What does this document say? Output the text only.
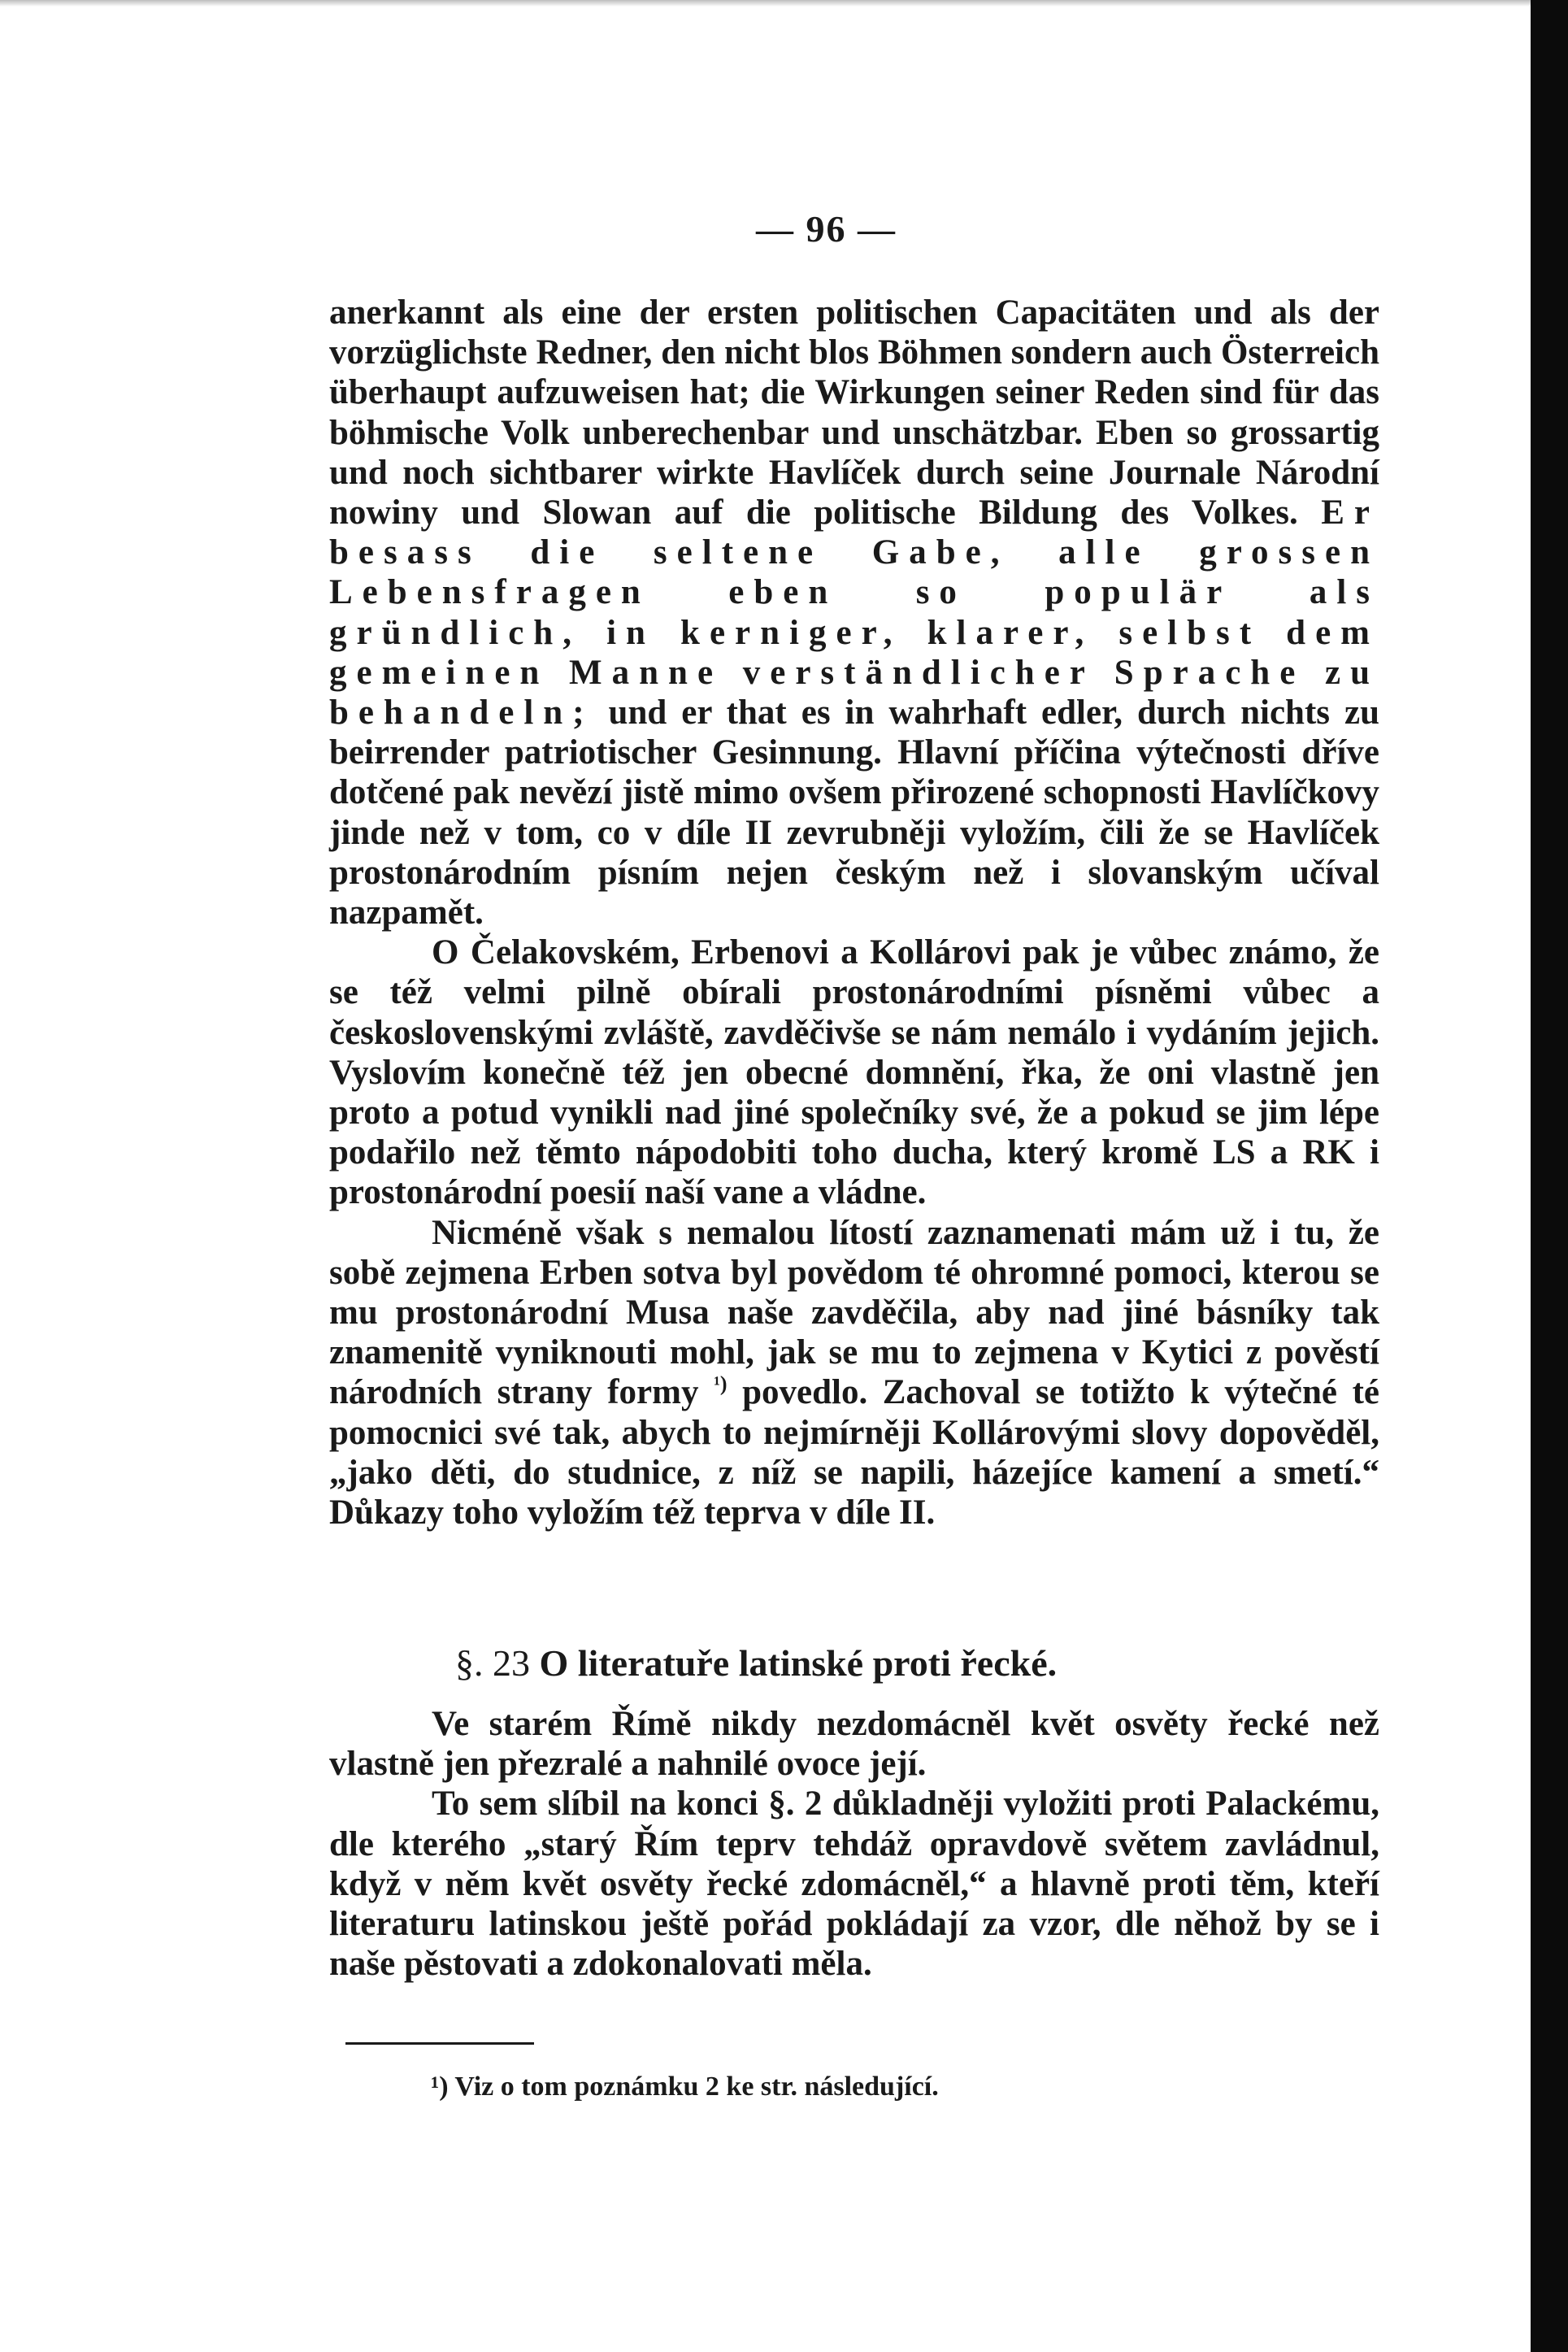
— 96 —

anerkannt als eine der ersten politischen Capacitäten und als der vorzüglichste Redner, den nicht blos Böhmen sondern auch Österreich überhaupt aufzuweisen hat; die Wirkungen seiner Reden sind für das böhmische Volk unberechenbar und unschätzbar. Eben so grossartig und noch sichtbarer wirkte Havlíček durch seine Journale Národní nowiny und Slowan auf die politische Bildung des Volkes. Er besass die seltene Gabe, alle grossen Lebensfragen eben so populär als gründlich, in kerniger, klarer, selbst dem gemeinen Manne verständlicher Sprache zu behandeln; und er that es in wahrhaft edler, durch nichts zu beirrender patriotischer Gesinnung. Hlavní příčina výtečnosti dříve dotčené pak nevězí jistě mimo ovšem přirozené schopnosti Havlíčkovy jinde než v tom, co v díle II zevrubněji vyložím, čili že se Havlíček prostonárodním písním nejen českým než i slovanským učíval nazpamět.

O Čelakovském, Erbenovi a Kollárovi pak je vůbec známo, že se též velmi pilně obírali prostonárodními písněmi vůbec a československými zvláště, zavděčivše se nám nemálo i vydáním jejich. Vyslovím konečně též jen obecné domnění, řka, že oni vlastně jen proto a potud vynikli nad jiné společníky své, že a pokud se jim lépe podařilo než těmto nápodobiti toho ducha, který kromě LS a RK i prostonárodní poesií naší vane a vládne.

Nicméně však s nemalou lítostí zaznamenati mám už i tu, že sobě zejmena Erben sotva byl povědom té ohromné pomoci, kterou se mu prostonárodní Musa naše zavděčila, aby nad jiné básníky tak znamenitě vyniknouti mohl, jak se mu to zejmena v Kytici z pověstí národních strany formy $^{^1)}$ povedlo. Zachoval se totižto k výtečné té pomocnici své tak, abych to nejmírněji Kollárovými slovy dopověděl, „jako děti, do studnice, z níž se napili, házejíce kamení a smetí.“ Důkazy toho vyložím též teprva v díle II.

§. 23 O literatuře latinské proti řecké.

Ve starém Římě nikdy nezdomácněl květ osvěty řecké než vlastně jen přezralé a nahnilé ovoce její.

To sem slíbil na konci §. 2 důkladněji vyložiti proti Palackému, dle kterého „starý Řím teprv tehdáž opravdově světem zavládnul, když v něm květ osvěty řecké zdomácněl,“ a hlavně proti těm, kteří literaturu latinskou ještě pořád pokládají za vzor, dle něhož by se i naše pěstovati a zdokonalovati měla.

¹) Viz o tom poznámku 2 ke str. následující.
